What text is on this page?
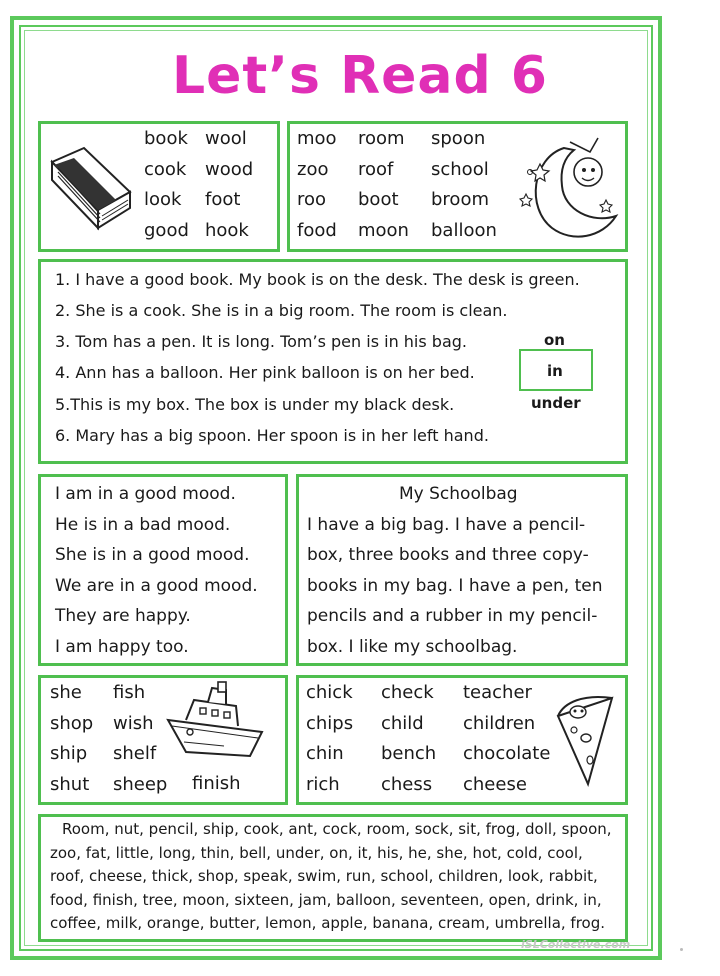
Let’s Read 6
book
cook
look
good
wool
wood
foot
hook
moo
zoo
roo
food
room
roof
boot
moon
spoon
school
broom
balloon
1. I have a good book. My book is on the desk. The desk is green.
2. She is a cook. She is in a big room. The room is clean.
3. Tom has a pen. It is long. Tom’s pen is in his bag.
4. Ann has a balloon. Her pink balloon is on her bed.
5.This is my box. The box is under my black desk.
6. Mary has a big spoon. Her spoon is in her left hand.
on
in
under
I am in a good mood.
He is in a bad mood.
She is in a good mood.
We are in a good mood.
They are happy.
I am happy too.
My Schoolbag
I have a big bag. I have a pencil-
box, three books and three copy-
books in my bag. I have a pen, ten
pencils and a rubber in my pencil-
box. I like my schoolbag.
she
shop
ship
shut
fish
wish
shelf
sheep finish
chick
chips
chin
rich
check
child
bench
chess
teacher
children
chocolate
cheese
Room, nut, pencil, ship, cook, ant, cock, room, sock, sit, frog, doll, spoon,
zoo, fat, little, long, thin, bell, under, on, it, his, he, she, hot, cold, cool,
roof, cheese, thick, shop, speak, swim, run, school, children, look, rabbit,
food, finish, tree, moon, sixteen, jam, balloon, seventeen, open, drink, in,
coffee, milk, orange, butter, lemon, apple, banana, cream, umbrella, frog.
iSLCollective.com
